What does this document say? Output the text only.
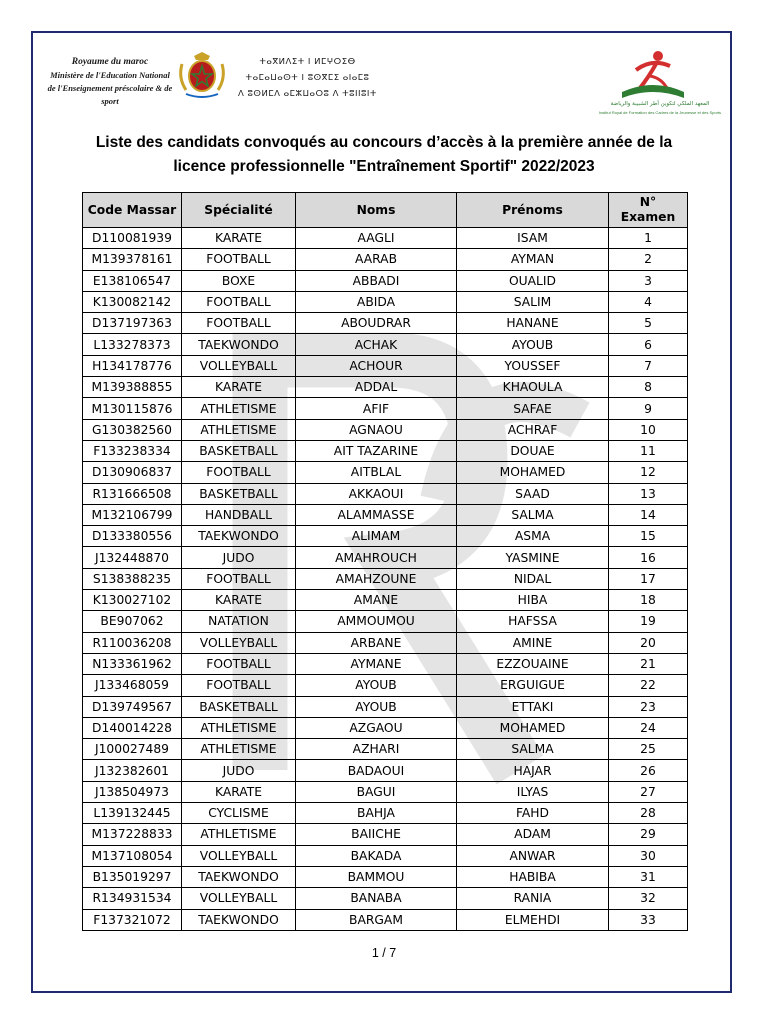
Royaume du maroc
Ministère de l'Education National
de l'Enseignement préscolaire & de sport
ⵜⴰⴳⵍⴷⵉⵜ ⵏ ⵍⵎⵖⵔⵉⴱ
ⵜⴰⵎⴰⵡⴰⵙⵜ ⵏ ⵓⵙⴳⵎⵉ ⴰⵏⴰⵎⵓ
ⴷ ⵓⵙⵍⵎⴷ ⴰⵎⵣⵡⴰⵔⵓ ⴷ ⵜⵓⵏⵏⵓⵏⵜ
المعهد الملكي لتكوين أطر الشبيبة والرياضة
Institut Royal de Formation des Cadres de la Jeunesse et des Sports
Liste des candidats convoqués au concours d’accès à la première année de la
licence professionnelle "Entraînement Sportif" 2022/2023
Code Massar	Spécialité	Noms	Prénoms	N° Examen
D110081939	KARATE	AAGLI	ISAM	1
M139378161	FOOTBALL	AARAB	AYMAN	2
E138106547	BOXE	ABBADI	OUALID	3
K130082142	FOOTBALL	ABIDA	SALIM	4
D137197363	FOOTBALL	ABOUDRAR	HANANE	5
L133278373	TAEKWONDO	ACHAK	AYOUB	6
H134178776	VOLLEYBALL	ACHOUR	YOUSSEF	7
M139388855	KARATE	ADDAL	KHAOULA	8
M130115876	ATHLETISME	AFIF	SAFAE	9
G130382560	ATHLETISME	AGNAOU	ACHRAF	10
F133238334	BASKETBALL	AIT TAZARINE	DOUAE	11
D130906837	FOOTBALL	AITBLAL	MOHAMED	12
R131666508	BASKETBALL	AKKAOUI	SAAD	13
M132106799	HANDBALL	ALAMMASSE	SALMA	14
D133380556	TAEKWONDO	ALIMAM	ASMA	15
J132448870	JUDO	AMAHROUCH	YASMINE	16
S138388235	FOOTBALL	AMAHZOUNE	NIDAL	17
K130027102	KARATE	AMANE	HIBA	18
BE907062	NATATION	AMMOUMOU	HAFSSA	19
R110036208	VOLLEYBALL	ARBANE	AMINE	20
N133361962	FOOTBALL	AYMANE	EZZOUAINE	21
J133468059	FOOTBALL	AYOUB	ERGUIGUE	22
D139749567	BASKETBALL	AYOUB	ETTAKI	23
D140014228	ATHLETISME	AZGAOU	MOHAMED	24
J100027489	ATHLETISME	AZHARI	SALMA	25
J132382601	JUDO	BADAOUI	HAJAR	26
J138504973	KARATE	BAGUI	ILYAS	27
L139132445	CYCLISME	BAHJA	FAHD	28
M137228833	ATHLETISME	BAIICHE	ADAM	29
M137108054	VOLLEYBALL	BAKADA	ANWAR	30
B135019297	TAEKWONDO	BAMMOU	HABIBA	31
R134931534	VOLLEYBALL	BANABA	RANIA	32
F137321072	TAEKWONDO	BARGAM	ELMEHDI	33
1 / 7
